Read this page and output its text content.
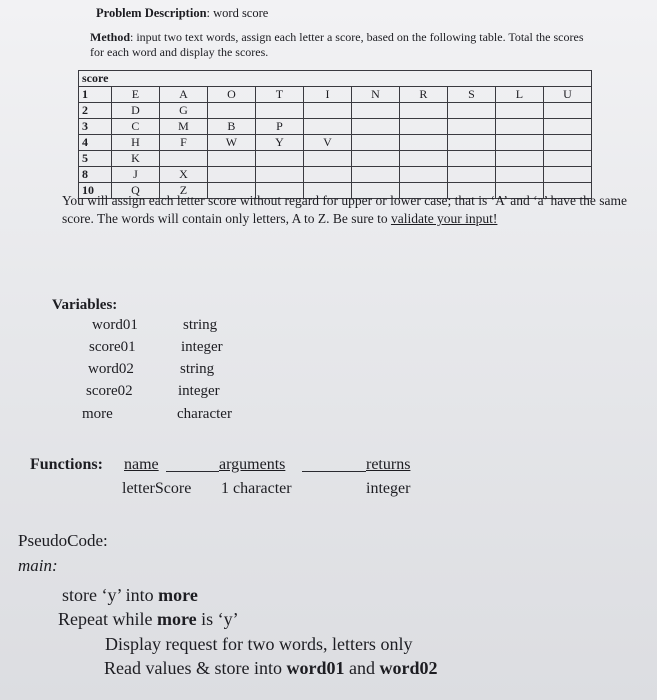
Problem Description: word score
Method: input two text words, assign each letter a score, based on the following table. Total the scores for each word and display the scores.
score										
1	E	A	O	T	I	N	R	S	L	U
2	D	G								
3	C	M	B	P						
4	H	F	W	Y	V					
5	K									
8	J	X								
10	Q	Z								
You will assign each letter score without regard for upper or lower case; that is ‘A’ and ‘a’ have the same score. The words will contain only letters, A to Z. Be sure to validate your input!
Variables:
word01	string
score01	integer
word02	string
score02	integer
more	character
Functions: name	arguments	returns
letterScore 1 character	integer
PseudoCode:
main:
store ‘y’ into more
Repeat while more is ‘y’
Display request for two words, letters only
Read values & store into word01 and word02
